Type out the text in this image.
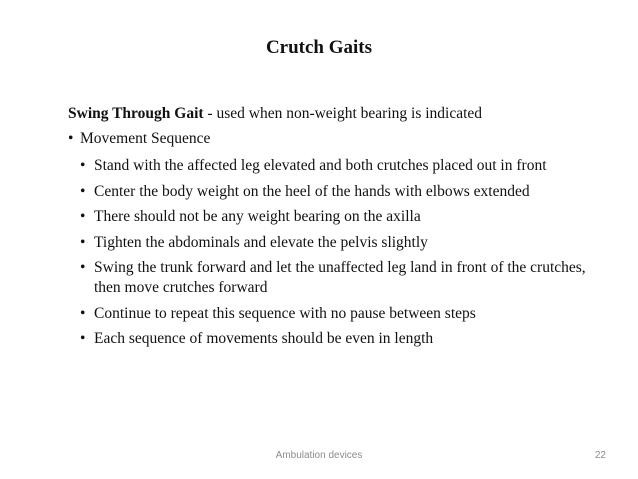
Crutch Gaits
Swing Through Gait - used when non-weight bearing is indicated
• Movement Sequence
• Stand with the affected leg elevated and both crutches placed out in front
• Center the body weight on the heel of the hands with elbows extended
• There should not be any weight bearing on the axilla
• Tighten the abdominals and elevate the pelvis slightly
• Swing the trunk forward and let the unaffected leg land in front of the crutches, then move crutches forward
• Continue to repeat this sequence with no pause between steps
• Each sequence of movements should be even in length
Ambulation devices	22
